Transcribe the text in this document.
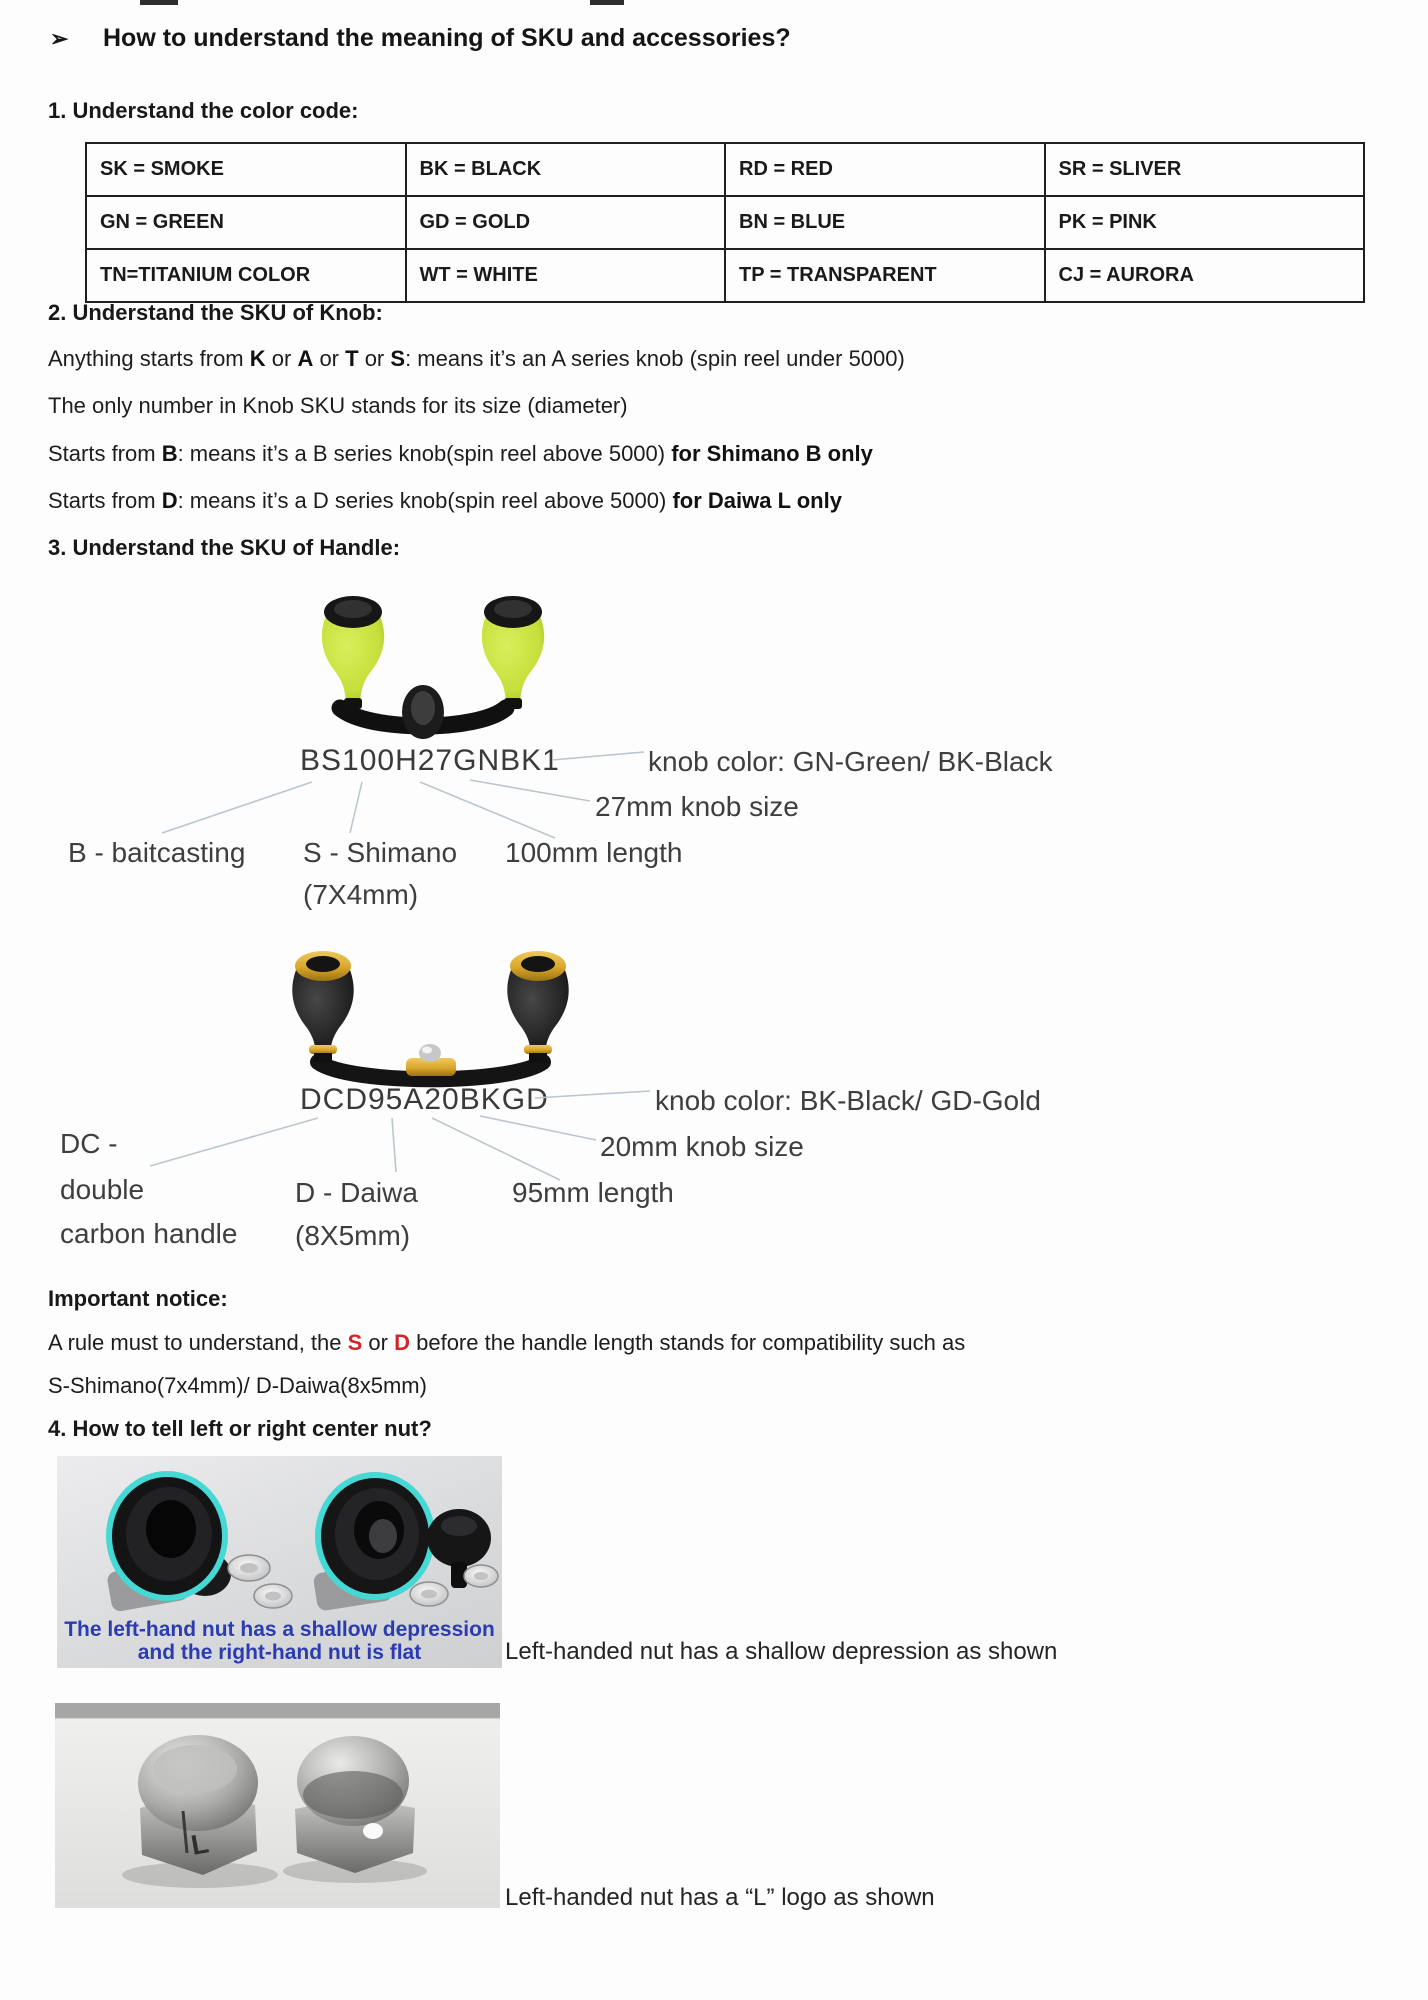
➢ How to understand the meaning of SKU and accessories?
1. Understand the color code:
SK = SMOKE	BK = BLACK	RD = RED	SR = SLIVER
GN = GREEN	GD = GOLD	BN = BLUE	PK = PINK
TN=TITANIUM COLOR	WT = WHITE	TP = TRANSPARENT	CJ = AURORA
2. Understand the SKU of Knob:
Anything starts from K or A or T or S: means it’s an A series knob (spin reel under 5000)
The only number in Knob SKU stands for its size (diameter)
Starts from B: means it’s a B series knob(spin reel above 5000) for Shimano B only
Starts from D: means it’s a D series knob(spin reel above 5000) for Daiwa L only
3. Understand the SKU of Handle:
BS100H27GNBK1	knob color: GN-Green/ BK-Black
27mm knob size
B - baitcasting S - Shimano 100mm length
(7X4mm)
DCD95A20BKGD	knob color: BK-Black/ GD-Gold
DC -	20mm knob size
double	D - Daiwa	95mm length
carbon handle (8X5mm)
Important notice:
A rule must to understand, the S or D before the handle length stands for compatibility such as
S-Shimano(7x4mm)/ D-Daiwa(8x5mm)
4. How to tell left or right center nut?
The left-hand nut has a shallow depression
and the right-hand nut is flat	Left-handed nut has a shallow depression as shown
L
Left-handed nut has a “L” logo as shown
